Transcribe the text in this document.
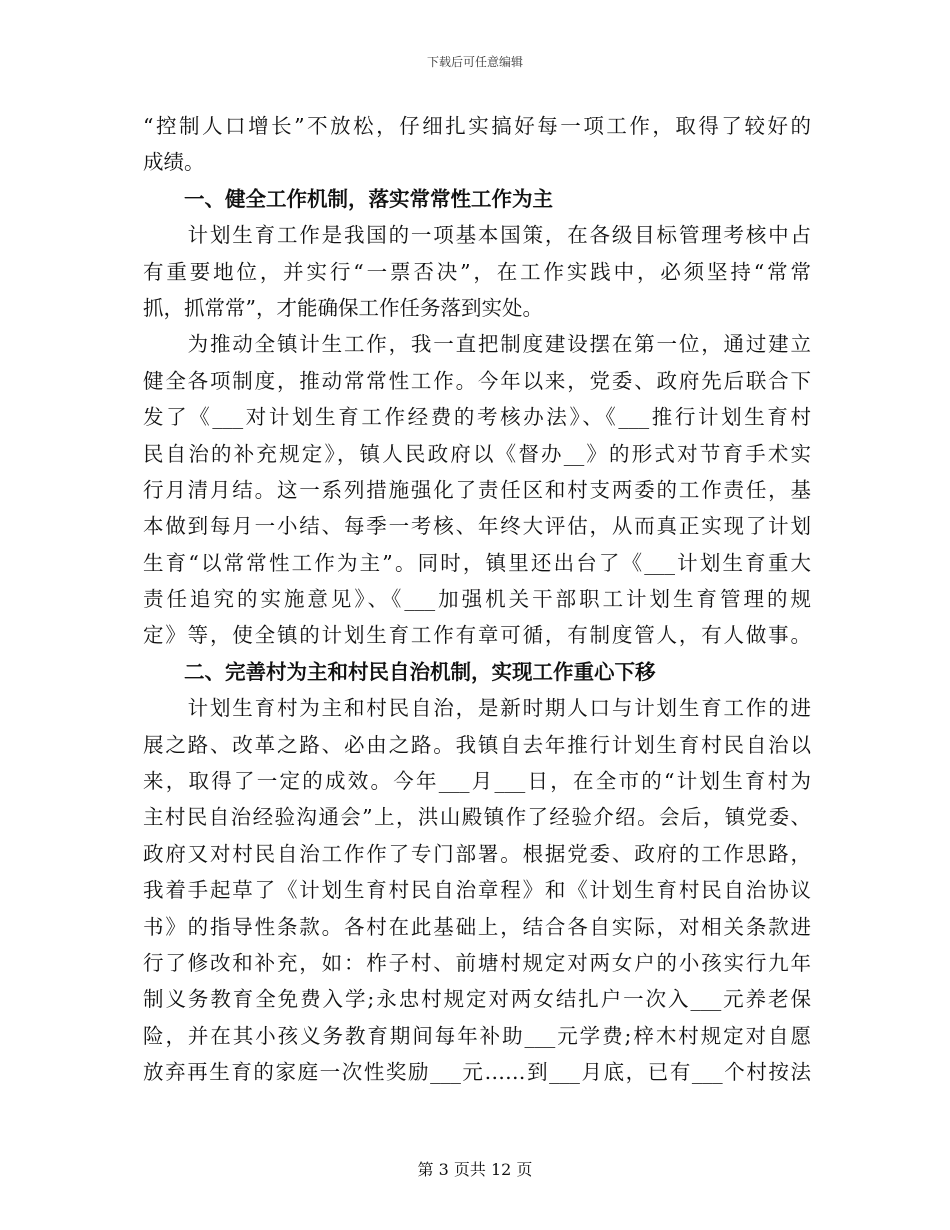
下载后可任意编辑
“控制人口增长”不放松，仔细扎实搞好每一项工作，取得了较好的
成绩。
一、健全工作机制，落实常常性工作为主
　　计划生育工作是我国的一项基本国策，在各级目标管理考核中占
有重要地位，并实行“一票否决”，在工作实践中，必须坚持“常常
抓，抓常常”，才能确保工作任务落到实处。
　　为推动全镇计生工作，我一直把制度建设摆在第一位，通过建立
健全各项制度，推动常常性工作。今年以来，党委、政府先后联合下
发了《___对计划生育工作经费的考核办法》、《___推行计划生育村
民自治的补充规定》，镇人民政府以《督办__》的形式对节育手术实
行月清月结。这一系列措施强化了责任区和村支两委的工作责任，基
本做到每月一小结、每季一考核、年终大评估，从而真正实现了计划
生育“以常常性工作为主”。同时，镇里还出台了《___计划生育重大
责任追究的实施意见》、《___加强机关干部职工计划生育管理的规
定》等，使全镇的计划生育工作有章可循，有制度管人，有人做事。
二、完善村为主和村民自治机制，实现工作重心下移
　　计划生育村为主和村民自治，是新时期人口与计划生育工作的进
展之路、改革之路、必由之路。我镇自去年推行计划生育村民自治以
来，取得了一定的成效。今年___月___日，在全市的“计划生育村为
主村民自治经验沟通会”上，洪山殿镇作了经验介绍。会后，镇党委、
政府又对村民自治工作作了专门部署。根据党委、政府的工作思路，
我着手起草了《计划生育村民自治章程》和《计划生育村民自治协议
书》的指导性条款。各村在此基础上，结合各自实际，对相关条款进
行了修改和补充，如：柞子村、前塘村规定对两女户的小孩实行九年
制义务教育全免费入学;永忠村规定对两女结扎户一次入___元养老保
险，并在其小孩义务教育期间每年补助___元学费;梓木村规定对自愿
放弃再生育的家庭一次性奖励___元……到___月底，已有___个村按法
第 3 页共 12 页
